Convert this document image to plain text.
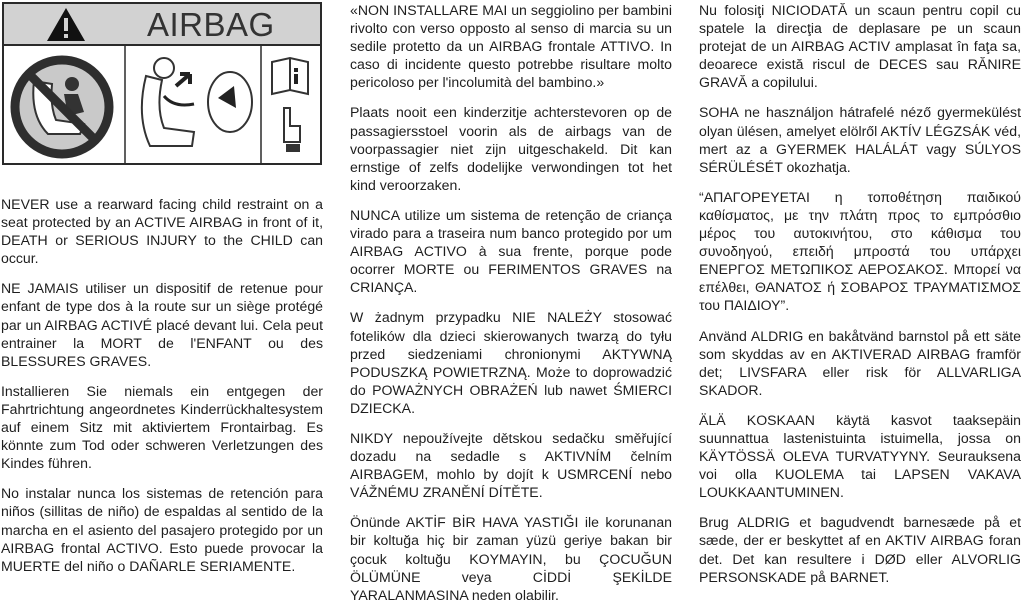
AIRBAG

NEVER use a rearward facing child restraint on a seat protected by an ACTIVE AIRBAG in front of it, DEATH or SERIOUS INJURY to the CHILD can occur.

NE JAMAIS utiliser un dispositif de retenue pour enfant de type dos à la route sur un siège protégé par un AIRBAG ACTIVÉ placé devant lui. Cela peut entrainer la MORT de l'ENFANT ou des BLESSURES GRAVES.

Installieren Sie niemals ein entgegen der Fahrtrichtung angeordnetes Kinderrückhaltesystem auf einem Sitz mit aktiviertem Frontairbag. Es könnte zum Tod oder schweren Verletzungen des Kindes führen.

No instalar nunca los sistemas de retención para niños (sillitas de niño) de espaldas al sentido de la marcha en el asiento del pasajero protegido por un AIRBAG frontal ACTIVO. Esto puede provocar la MUERTE del niño o DAÑARLE SERIAMENTE.

«NON INSTALLARE MAI un seggiolino per bambini rivolto con verso opposto al senso di marcia su un sedile protetto da un AIRBAG frontale ATTIVO. In caso di incidente questo potrebbe risultare molto pericoloso per l'incolumità del bambino.»

Plaats nooit een kinderzitje achterstevoren op de passagiersstoel voorin als de airbags van de voorpassagier niet zijn uitgeschakeld. Dit kan ernstige of zelfs dodelijke verwondingen tot het kind veroorzaken.

NUNCA utilize um sistema de retenção de criança virado para a traseira num banco protegido por um AIRBAG ACTIVO à sua frente, porque pode ocorrer MORTE ou FERIMENTOS GRAVES na CRIANÇA.

W żadnym przypadku NIE NALEŻY stosować fotelików dla dzieci skierowanych twarzą do tyłu przed siedzeniami chronionymi AKTYWNĄ PODUSZKĄ POWIETRZNĄ. Może to doprowadzić do POWAŻNYCH OBRAŻEŃ lub nawet ŚMIERCI DZIECKA.

NIKDY nepoužívejte dětskou sedačku směřující dozadu na sedadle s AKTIVNÍM čelním AIRBAGEM, mohlo by dojít k USMRCENÍ nebo VÁŽNÉMU ZRANĚNÍ DÍTĚTE.

Önünde AKTİF BİR HAVA YASTIĞI ile korunanan bir koltuğa hiç bir zaman yüzü geriye bakan bir çocuk koltuğu KOYMAYIN, bu ÇOCUĞUN ÖLÜMÜNE veya CİDDİ ŞEKİLDE YARALANMASINA neden olabilir.

Nu folosiţi NICIODATĂ un scaun pentru copil cu spatele la direcţia de deplasare pe un scaun protejat de un AIRBAG ACTIV amplasat în faţa sa, deoarece există riscul de DECES sau RĂNIRE GRAVĂ a copilului.

SOHA ne használjon hátrafelé néző gyermekülést olyan ülésen, amelyet elölről AKTÍV LÉGZSÁK véd, mert az a GYERMEK HALÁLÁT vagy SÚLYOS SÉRÜLÉSÉT okozhatja.

“ΑΠΑΓΟΡΕΥΕΤΑΙ η τοποθέτηση παιδικού καθίσματος, με την πλάτη προς το εμπρόσθιο μέρος του αυτοκινήτου, στο κάθισμα του συνοδηγού, επειδή μπροστά του υπάρχει ΕΝΕΡΓΟΣ ΜΕΤΩΠΙΚΟΣ ΑΕΡΟΣΑΚΟΣ. Μπορεί να επέλθει, ΘΑΝΑΤΟΣ ή ΣΟΒΑΡΟΣ ΤΡΑΥΜΑΤΙΣΜΟΣ του ΠΑΙΔΙΟΥ”.

Använd ALDRIG en bakåtvänd barnstol på ett säte som skyddas av en AKTIVERAD AIRBAG framför det; LIVSFARA eller risk för ALLVARLIGA SKADOR.

ÄLÄ KOSKAAN käytä kasvot taaksepäin suunnattua lastenistuinta istuimella, jossa on KÄYTÖSSÄ OLEVA TURVATYYNY. Seurauksena voi olla KUOLEMA tai LAPSEN VAKAVA LOUKKAANTUMINEN.

Brug ALDRIG et bagudvendt barnesæde på et sæde, der er beskyttet af en AKTIV AIRBAG foran det. Det kan resultere i DØD eller ALVORLIG PERSONSKADE på BARNET.
